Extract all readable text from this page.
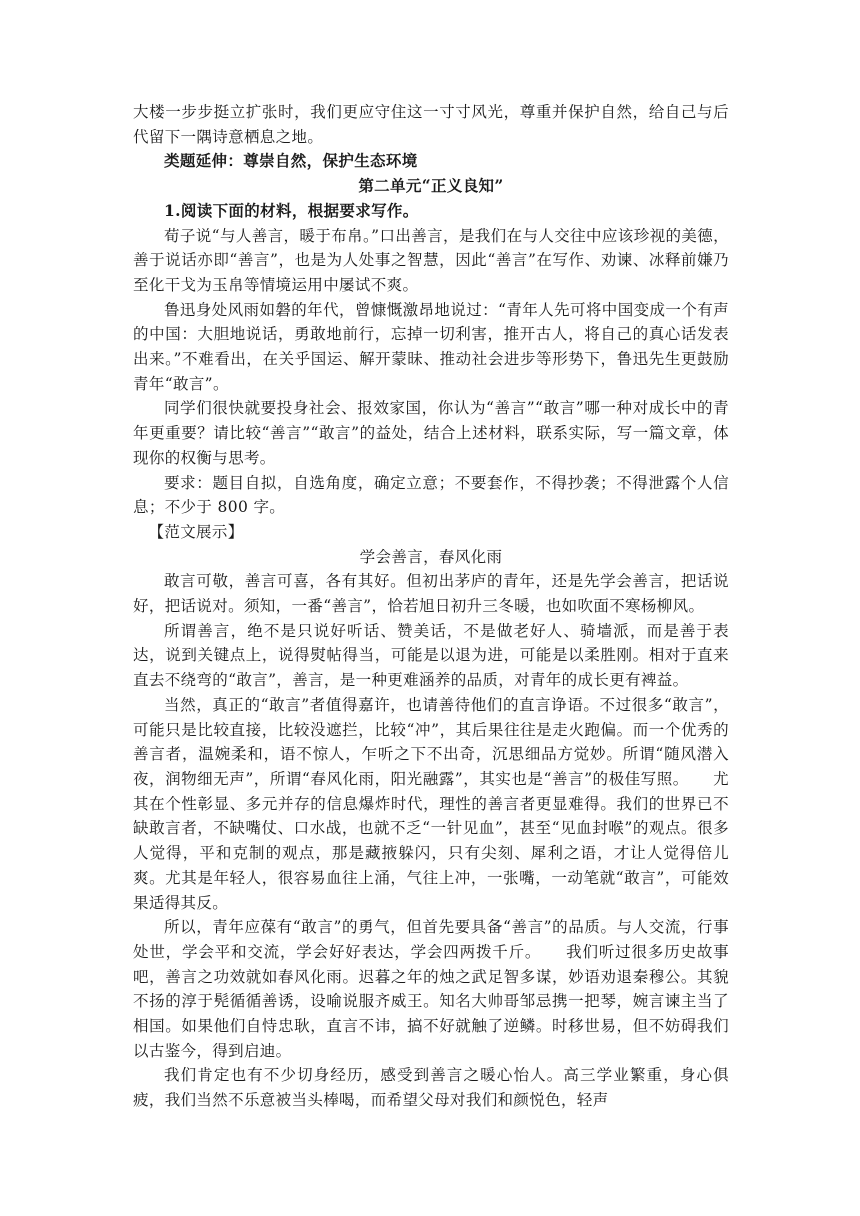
大楼一步步挺立扩张时，我们更应守住这一寸寸风光，尊重并保护自然，给自己与后代留下一隅诗意栖息之地。

类题延伸：尊崇自然，保护生态环境

第二单元“正义良知”

1.阅读下面的材料，根据要求写作。

荀子说“与人善言，暖于布帛。”口出善言，是我们在与人交往中应该珍视的美德，善于说话亦即“善言”，也是为人处事之智慧，因此“善言”在写作、劝谏、冰释前嫌乃至化干戈为玉帛等情境运用中屡试不爽。

鲁迅身处风雨如磐的年代，曾慷慨激昂地说过：“青年人先可将中国变成一个有声的中国：大胆地说话，勇敢地前行，忘掉一切利害，推开古人，将自己的真心话发表出来。”不难看出，在关乎国运、解开蒙昧、推动社会进步等形势下，鲁迅先生更鼓励青年“敢言”。

同学们很快就要投身社会、报效家国，你认为“善言”“敢言”哪一种对成长中的青年更重要？请比较“善言”“敢言”的益处，结合上述材料，联系实际，写一篇文章，体现你的权衡与思考。

要求：题目自拟，自选角度，确定立意；不要套作，不得抄袭；不得泄露个人信息；不少于 800 字。

【范文展示】

学会善言，春风化雨

敢言可敬，善言可喜，各有其好。但初出茅庐的青年，还是先学会善言，把话说好，把话说对。须知，一番“善言”，恰若旭日初升三冬暖，也如吹面不寒杨柳风。

所谓善言，绝不是只说好听话、赞美话，不是做老好人、骑墙派，而是善于表达，说到关键点上，说得熨帖得当，可能是以退为进，可能是以柔胜刚。相对于直来直去不绕弯的“敢言”，善言，是一种更难涵养的品质，对青年的成长更有裨益。

当然，真正的“敢言”者值得嘉许，也请善待他们的直言诤语。不过很多“敢言”，可能只是比较直接，比较没遮拦，比较“冲”，其后果往往是走火跑偏。而一个优秀的善言者，温婉柔和，语不惊人，乍听之下不出奇，沉思细品方觉妙。所谓“随风潜入夜，润物细无声”，所谓“春风化雨，阳光融露”，其实也是“善言”的极佳写照。　　尤其在个性彰显、多元并存的信息爆炸时代，理性的善言者更显难得。我们的世界已不缺敢言者，不缺嘴仗、口水战，也就不乏“一针见血”，甚至“见血封喉”的观点。很多人觉得，平和克制的观点，那是藏掖躲闪，只有尖刻、犀利之语，才让人觉得倍儿爽。尤其是年轻人，很容易血往上涌，气往上冲，一张嘴，一动笔就“敢言”，可能效果适得其反。

所以，青年应葆有“敢言”的勇气，但首先要具备“善言”的品质。与人交流，行事处世，学会平和交流，学会好好表达，学会四两拨千斤。　　我们听过很多历史故事吧，善言之功效就如春风化雨。迟暮之年的烛之武足智多谋，妙语劝退秦穆公。其貌不扬的淳于髡循循善诱，设喻说服齐威王。知名大帅哥邹忌携一把琴，婉言谏主当了相国。如果他们自恃忠耿，直言不讳，搞不好就触了逆鳞。时移世易，但不妨碍我们以古鉴今，得到启迪。

我们肯定也有不少切身经历，感受到善言之暖心怡人。高三学业繁重，身心俱疲，我们当然不乐意被当头棒喝，而希望父母对我们和颜悦色，轻声
